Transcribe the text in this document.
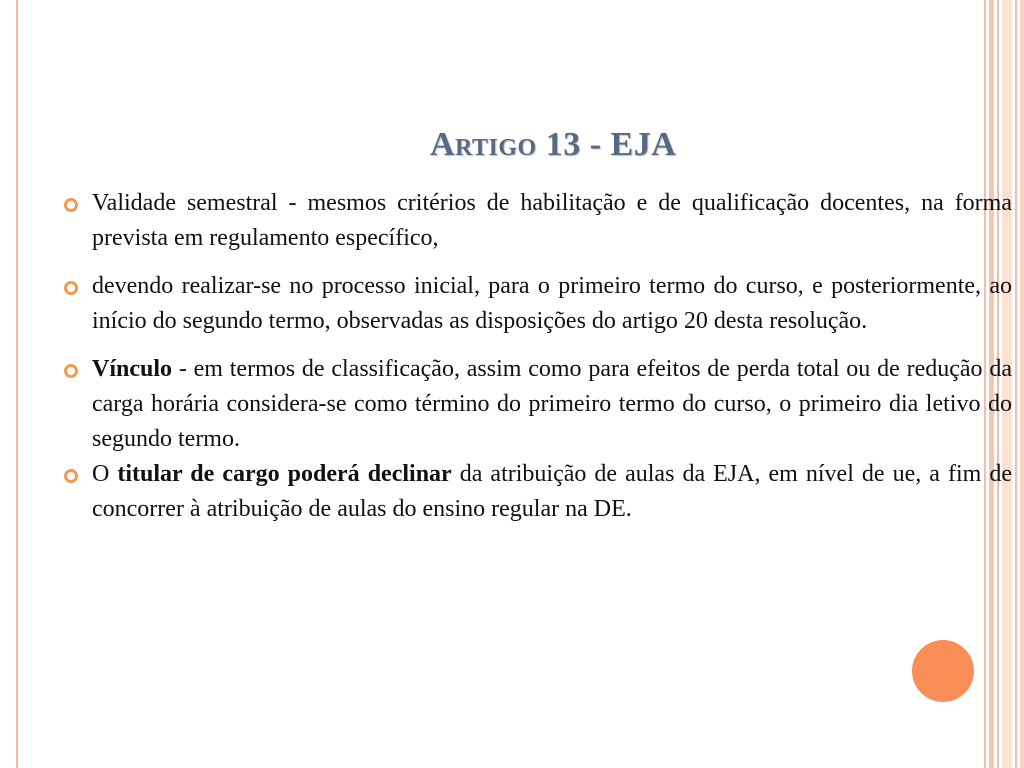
Artigo 13 - EJA
Validade semestral - mesmos critérios de habilitação e de qualificação docentes, na forma prevista em regulamento específico,
devendo realizar-se no processo inicial, para o primeiro termo do curso, e posteriormente, ao início do segundo termo, observadas as disposições do artigo 20 desta resolução.
Vínculo - em termos de classificação, assim como para efeitos de perda total ou de redução da carga horária considera-se como término do primeiro termo do curso, o primeiro dia letivo do segundo termo.
O titular de cargo poderá declinar da atribuição de aulas da EJA, em nível de ue, a fim de concorrer à atribuição de aulas do ensino regular na DE.
